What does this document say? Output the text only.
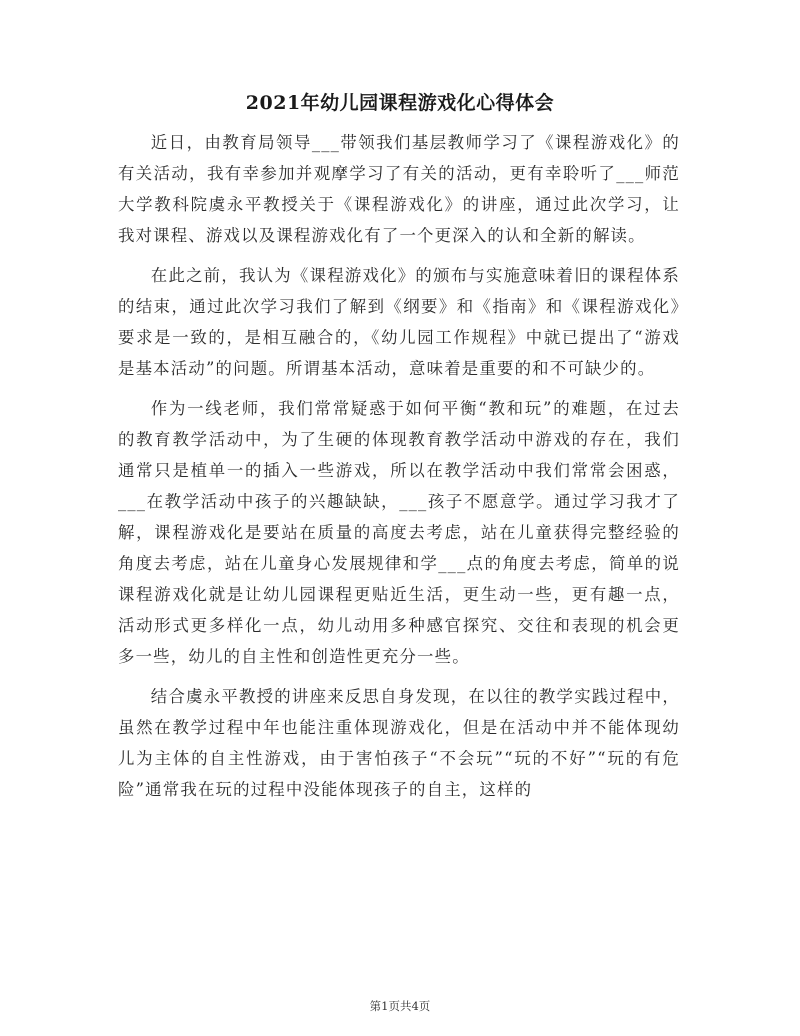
2021年幼儿园课程游戏化心得体会

近日，由教育局领导___带领我们基层教师学习了《课程游戏化》的有关活动，我有幸参加并观摩学习了有关的活动，更有幸聆听了___师范大学教科院虞永平教授关于《课程游戏化》的讲座，通过此次学习，让我对课程、游戏以及课程游戏化有了一个更深入的认和全新的解读。

在此之前，我认为《课程游戏化》的颁布与实施意味着旧的课程体系的结束，通过此次学习我们了解到《纲要》和《指南》和《课程游戏化》要求是一致的，是相互融合的，《幼儿园工作规程》中就已提出了“游戏是基本活动”的问题。所谓基本活动，意味着是重要的和不可缺少的。

作为一线老师，我们常常疑惑于如何平衡“教和玩”的难题，在过去的教育教学活动中，为了生硬的体现教育教学活动中游戏的存在，我们通常只是植单一的插入一些游戏，所以在教学活动中我们常常会困惑，___在教学活动中孩子的兴趣缺缺，___孩子不愿意学。通过学习我才了解，课程游戏化是要站在质量的高度去考虑，站在儿童获得完整经验的角度去考虑，站在儿童身心发展规律和学___点的角度去考虑，简单的说课程游戏化就是让幼儿园课程更贴近生活，更生动一些，更有趣一点，活动形式更多样化一点，幼儿动用多种感官探究、交往和表现的机会更多一些，幼儿的自主性和创造性更充分一些。

结合虞永平教授的讲座来反思自身发现，在以往的教学实践过程中，虽然在教学过程中年也能注重体现游戏化，但是在活动中并不能体现幼儿为主体的自主性游戏，由于害怕孩子“不会玩”“玩的不好”“玩的有危险”通常我在玩的过程中没能体现孩子的自主，这样的

第1页共4页
